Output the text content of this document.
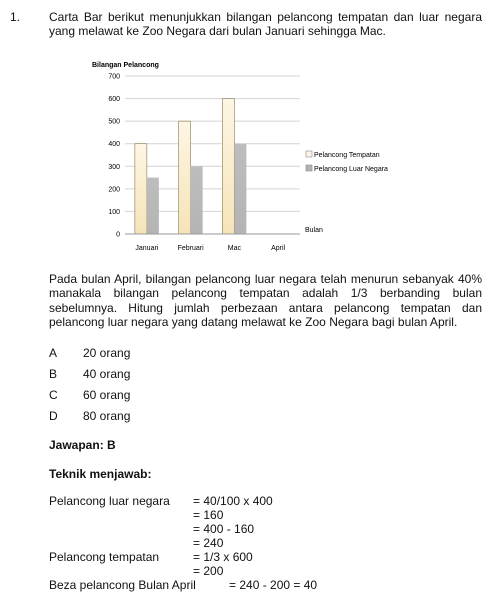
1. Carta Bar berikut menunjukkan bilangan pelancong tempatan dan luar negara yang melawat ke Zoo Negara dari bulan Januari sehingga Mac.
Bilangan Pelancong
0
100
200
300
400
500
600
700
Januari	Februari	Mac	April
Bulan
Pelancong Tempatan
Pelancong Luar Negara
Pada bulan April, bilangan pelancong luar negara telah menurun sebanyak 40% manakala bilangan pelancong tempatan adalah 1/3 berbanding bulan sebelumnya. Hitung jumlah perbezaan antara pelancong tempatan dan pelancong luar negara yang datang melawat ke Zoo Negara bagi bulan April.
A 20 orang
B 40 orang
C 60 orang
D 80 orang
Jawapan: B
Teknik menjawab:
Pelancong luar negara = 40/100 x 400
= 160
= 400 - 160
= 240
Pelancong tempatan	= 1/3 x 600
= 200
Beza pelancong Bulan April	= 240 - 200 = 40
